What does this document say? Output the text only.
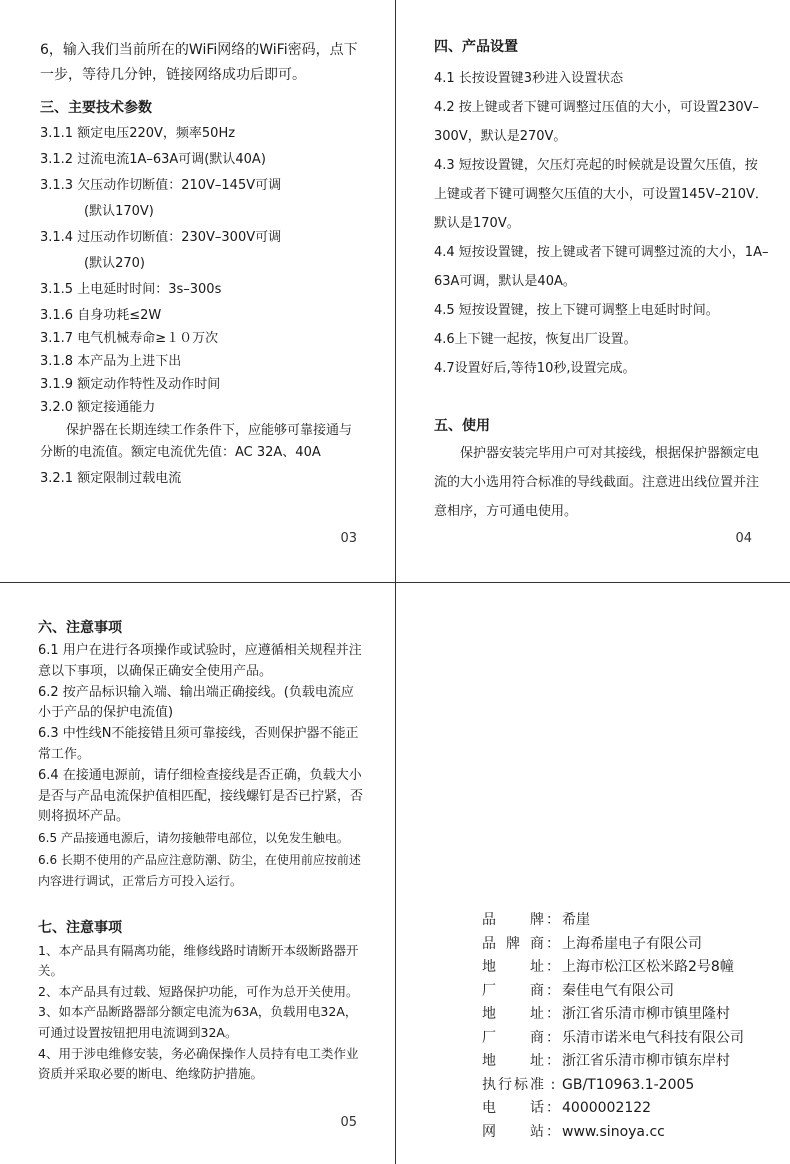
6，输入我们当前所在的WiFi网络的WiFi密码，点下一步，等待几分钟，链接网络成功后即可。

三、主要技术参数
3.1.1 额定电压220V，频率50Hz
3.1.2 过流电流1A–63A可调(默认40A)
3.1.3 欠压动作切断值：210V–145V可调
(默认170V)
3.1.4 过压动作切断值：230V–300V可调
(默认270)
3.1.5 上电延时时间：3s–300s
3.1.6 自身功耗≤2W
3.1.7 电气机械寿命≥１０万次
3.1.8 本产品为上进下出
3.1.9 额定动作特性及动作时间
3.2.0 额定接通能力
保护器在长期连续工作条件下，应能够可靠接通与分断的电流值。额定电流优先值：AC 32A、40A
3.2.1 额定限制过载电流
03
四、产品设置
4.1 长按设置键3秒进入设置状态
4.2 按上键或者下键可调整过压值的大小，可设置230V–300V，默认是270V。
4.3 短按设置键，欠压灯亮起的时候就是设置欠压值，按上键或者下键可调整欠压值的大小，可设置145V–210V．默认是170V。
4.4 短按设置键，按上键或者下键可调整过流的大小，1A–63A可调，默认是40A。
4.5 短按设置键，按上下键可调整上电延时时间。
4.6上下键一起按，恢复出厂设置。
4.7设置好后,等待10秒,设置完成。
五、使用
保护器安装完毕用户可对其接线，根据保护器额定电流的大小选用符合标准的导线截面。注意进出线位置并注意相序，方可通电使用。
04
六、注意事项
6.1 用户在进行各项操作或试验时，应遵循相关规程并注意以下事项，以确保正确安全使用产品。
6.2 按产品标识输入端、输出端正确接线。(负载电流应小于产品的保护电流值)
6.3 中性线N不能接错且须可靠接线，否则保护器不能正常工作。
6.4 在接通电源前，请仔细检查接线是否正确，负载大小是否与产品电流保护值相匹配，接线螺钉是否已拧紧，否则将损坏产品。
6.5 产品接通电源后，请勿接触带电部位，以免发生触电。
6.6 长期不使用的产品应注意防潮、防尘，在使用前应按前述内容进行调试，正常后方可投入运行。
七、注意事项
1、本产品具有隔离功能，维修线路时请断开本级断路器开关。
2、本产品具有过载、短路保护功能，可作为总开关使用。
3、如本产品断路器部分额定电流为63A，负载用电32A，可通过设置按钮把用电流调到32A。
4、用于涉电维修安装，务必确保操作人员持有电工类作业资质并采取必要的断电、绝缘防护措施。
05
品 牌 ： 希崖
品牌商 ： 上海希崖电子有限公司
地 址 ： 上海市松江区松米路2号8幢
厂 商 ： 秦佳电气有限公司
地 址 ： 浙江省乐清市柳市镇里隆村
厂 商 ： 乐清市诺米电气科技有限公司
地 址 ： 浙江省乐清市柳市镇东岸村
执行标准 : GB/T10963.1-2005
电 话 ： 4000002122
网 站 ： www.sinoya.cc
